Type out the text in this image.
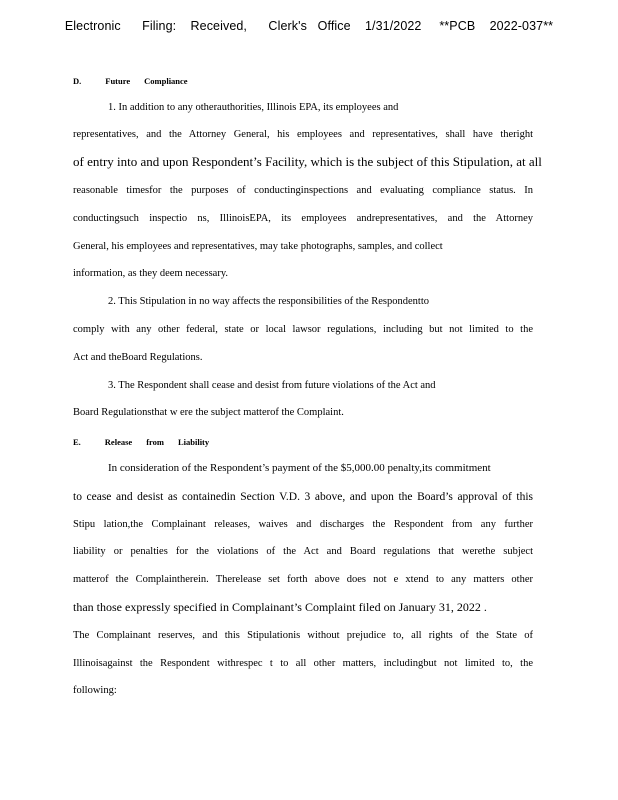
Electronic      Filing:    Received,      Clerk's   Office    1/31/2022     **PCB    2022-037**
D.	Future Compliance
1. In addition to any otherauthorities, Illinois EPA, its employees and
representatives, and the Attorney General, his employees and representatives, shall have theright
of entry into and upon Respondent’s Facility, which is the subject of this Stipulation, at all
reasonable timesfor the purposes of conductinginspections and evaluating compliance status. In
conductingsuch inspectio ns, IllinoisEPA, its employees andrepresentatives, and the Attorney
General, his employees and representatives, may take photographs, samples, and collect
information, as they deem necessary.
2. This Stipulation in no way affects the responsibilities of the Respondentto
comply with any other federal, state or local lawsor regulations, including but not limited to the
Act and theBoard Regulations.
3. The Respondent shall cease and desist from future violations of the Act and
Board Regulationsthat w ere the subject matterof the Complaint.
E.	Release from Liability
In consideration of the Respondent’s payment of the $5,000.00 penalty,its commitment
to cease and desist as containedin Section V.D. 3 above, and upon the Board’s approval of this
Stipu lation,the Complainant releases, waives and discharges the Respondent from any further
liability or penalties for the violations of the Act and Board regulations that werethe subject
matterof the Complaintherein. Therelease set forth above does not e xtend to any matters other
than those expressly specified in Complainant’s Complaint filed on January 31, 2022 .
The Complainant reserves, and this Stipulationis without prejudice to, all rights of the State of
Illinoisagainst the Respondent withrespec t to all other matters, includingbut not limited to, the
following:
